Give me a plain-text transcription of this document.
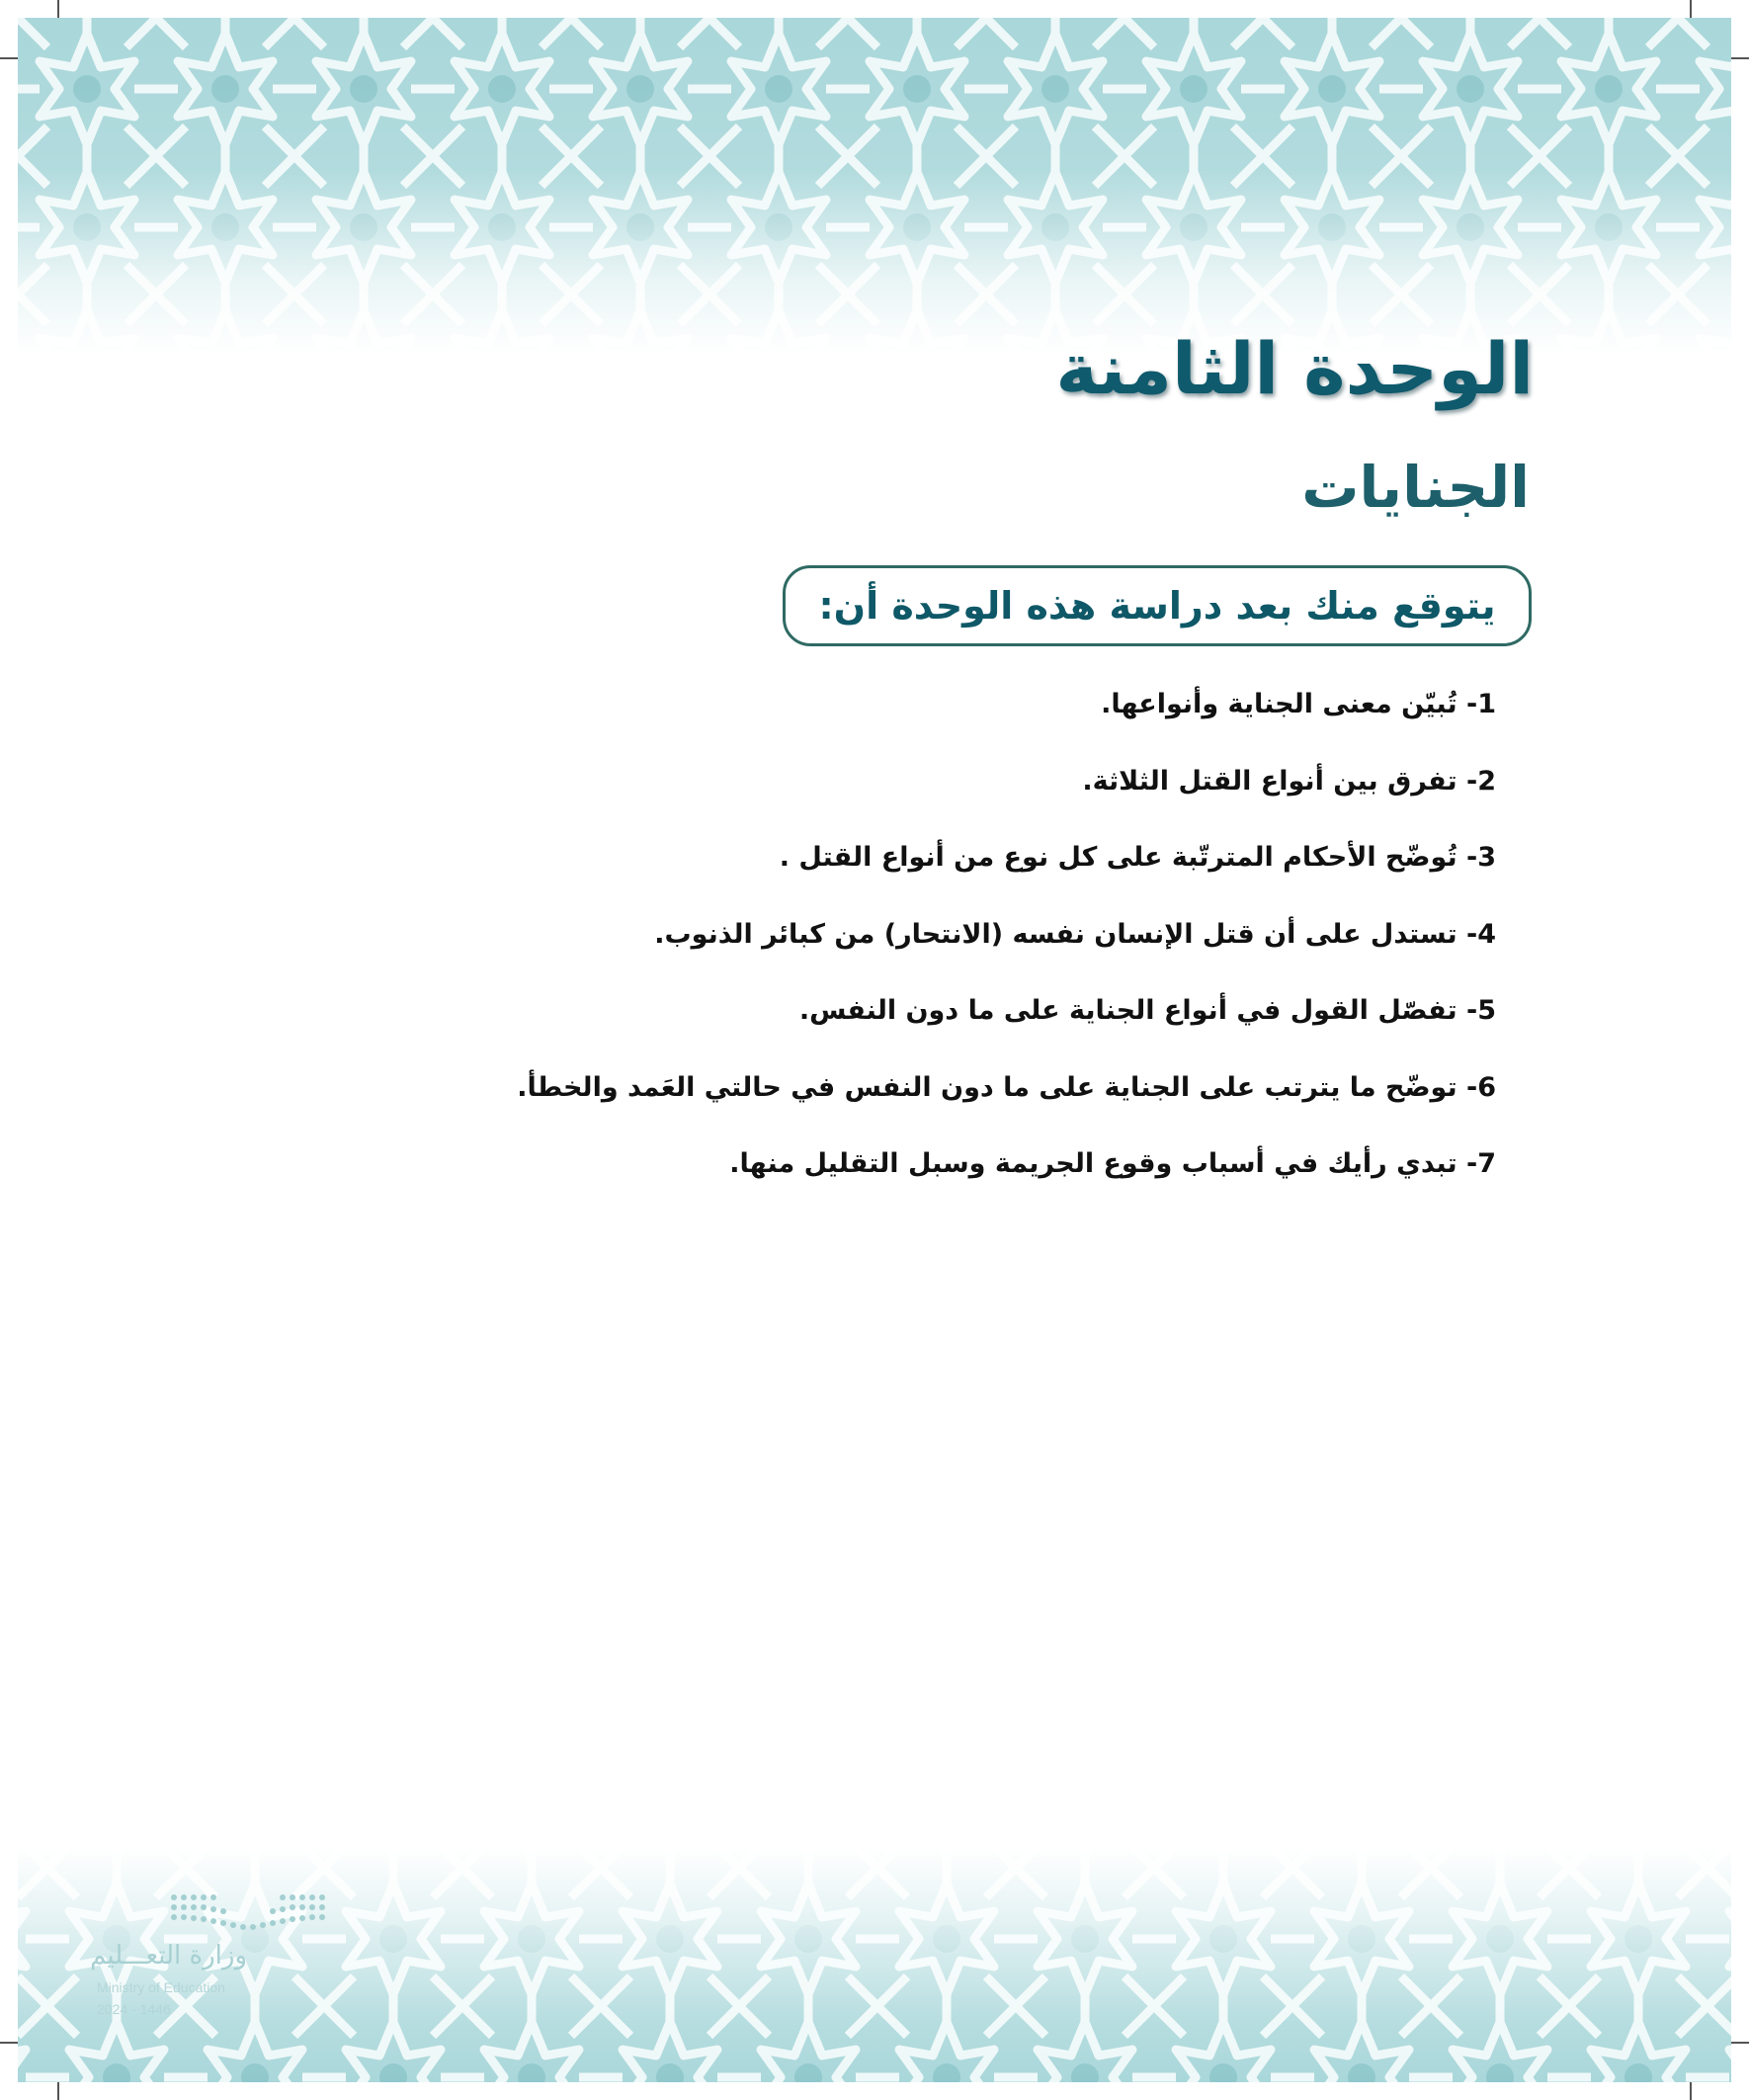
الوحدة الثامنة
الجنايات
يتوقع منك بعد دراسة هذه الوحدة أن:
1- تُبيّن معنى الجناية وأنواعها.
2- تفرق بين أنواع القتل الثلاثة.
3- تُوضّح الأحكام المترتّبة على كل نوع من أنواع القتل .
4- تستدل على أن قتل الإنسان نفسه (الانتحار) من كبائر الذنوب.
5- تفصّل القول في أنواع الجناية على ما دون النفس.
6- توضّح ما يترتب على الجناية على ما دون النفس في حالتي العَمد والخطأ.
7- تبدي رأيك في أسباب وقوع الجريمة وسبل التقليل منها.
وزارة التعـــليم
Ministry of Education
2024 - 1446
